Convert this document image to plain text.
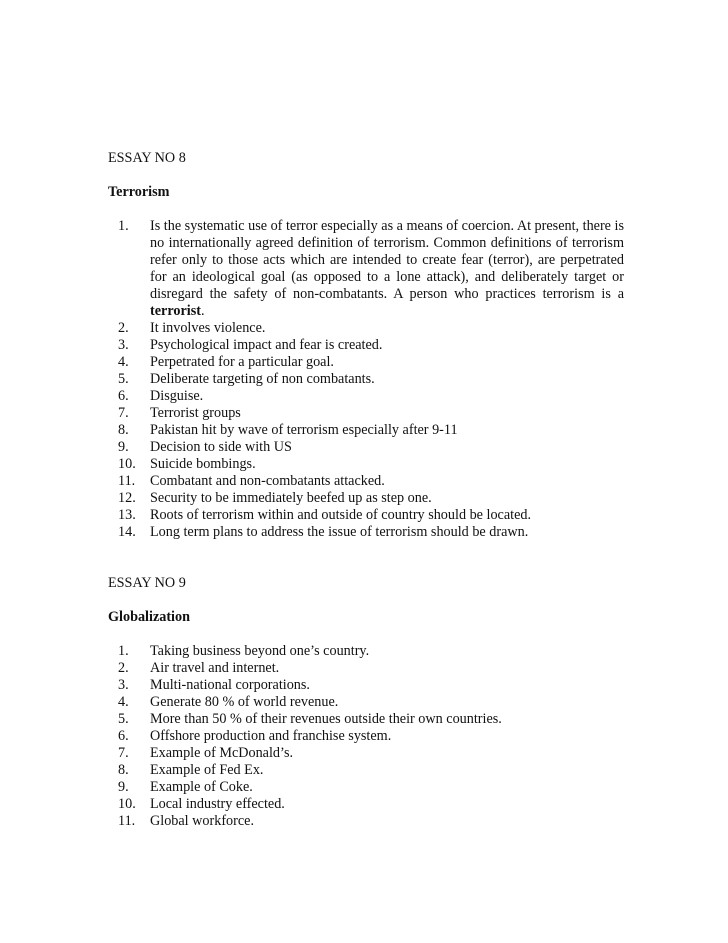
ESSAY NO 8
Terrorism
1.	Is the systematic use of terror especially as a means of coercion. At present, there is no internationally agreed definition of terrorism. Common definitions of terrorism refer only to those acts which are intended to create fear (terror), are perpetrated for an ideological goal (as opposed to a lone attack), and deliberately target or disregard the safety of non-combatants. A person who practices terrorism is a terrorist.
2.	It involves violence.
3.	Psychological impact and fear is created.
4.	Perpetrated for a particular goal.
5.	Deliberate targeting of non combatants.
6.	Disguise.
7.	Terrorist groups
8.	Pakistan hit by wave of terrorism especially after 9-11
9.	Decision to side with US
10.	Suicide bombings.
11.	Combatant and non-combatants attacked.
12.	Security to be immediately beefed up as step one.
13.	Roots of terrorism within and outside of country should be located.
14.	Long term plans to address the issue of terrorism should be drawn.
ESSAY NO 9
Globalization
1.	Taking business beyond one’s country.
2.	Air travel and internet.
3.	Multi-national corporations.
4.	Generate 80 % of world revenue.
5.	More than 50 % of their revenues outside their own countries.
6.	Offshore production and franchise system.
7.	Example of McDonald’s.
8.	Example of Fed Ex.
9.	Example of Coke.
10.	Local industry effected.
11.	Global workforce.
